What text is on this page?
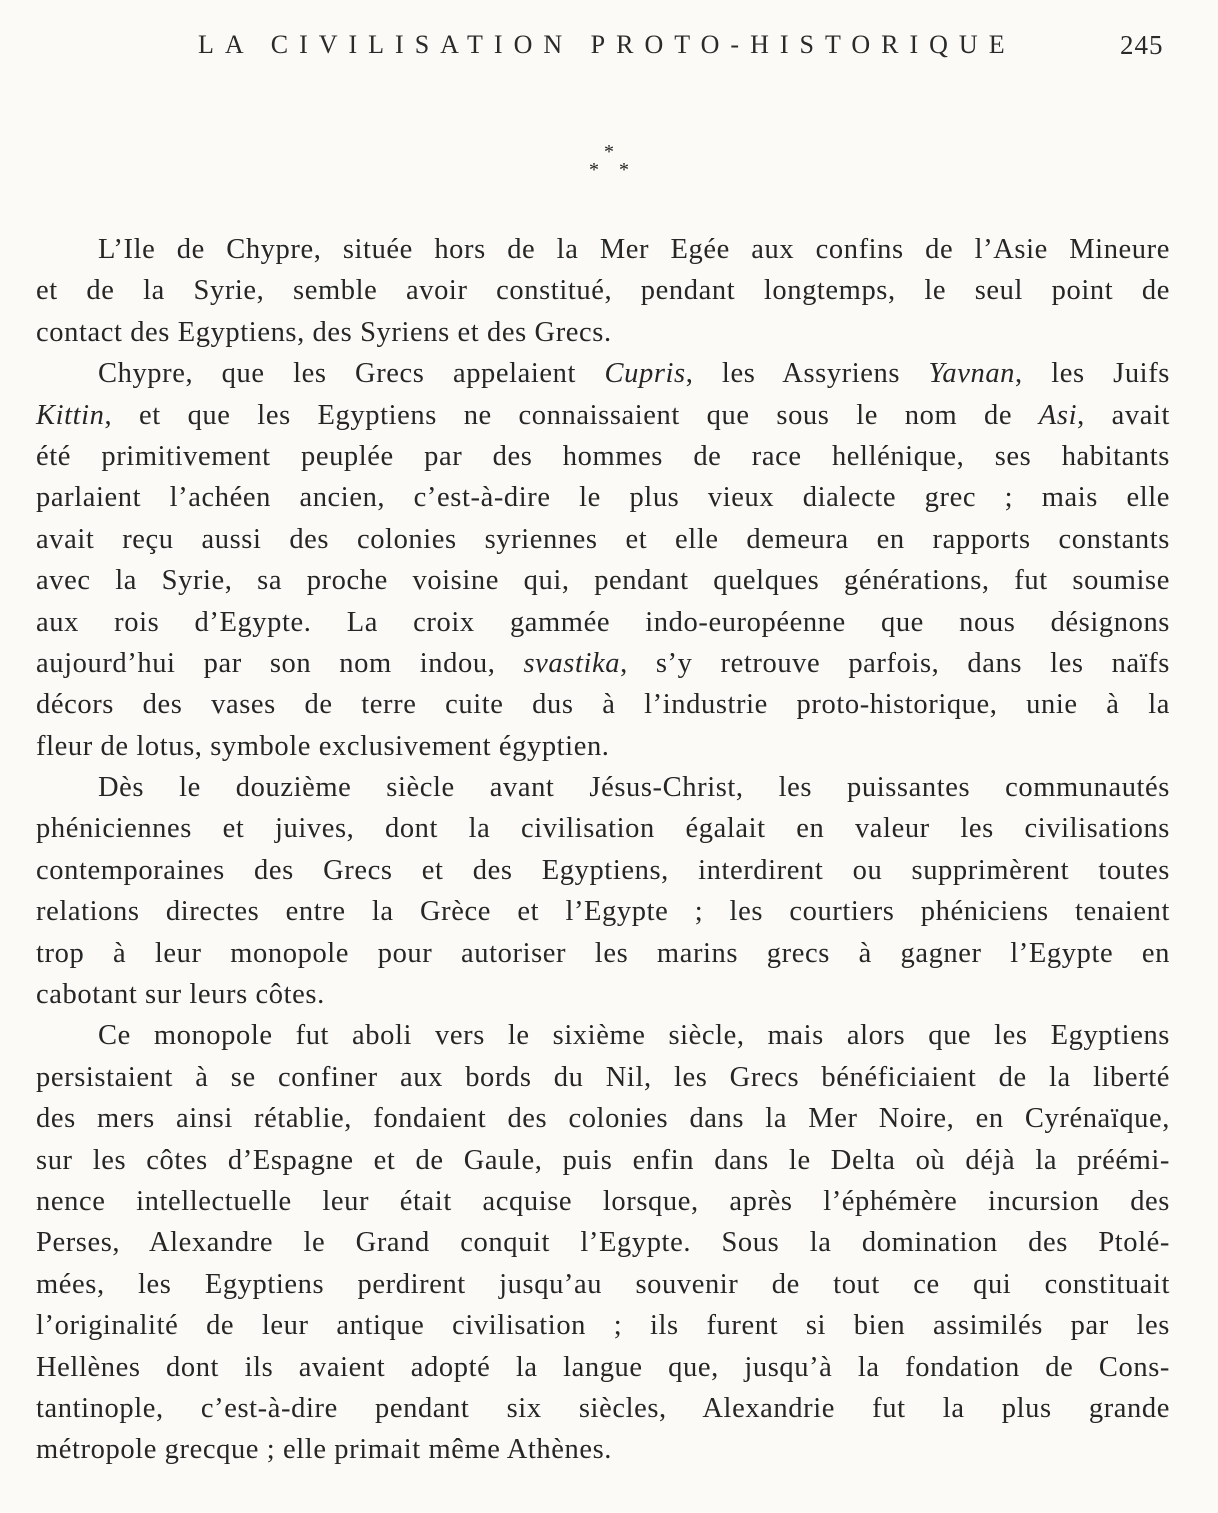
LA CIVILISATION PROTO-HISTORIQUE	245
*
* *
L’Ile de Chypre, située hors de la Mer Egée aux confins de l’Asie Mineure
et de la Syrie, semble avoir constitué, pendant longtemps, le seul point de
contact des Egyptiens, des Syriens et des Grecs.
Chypre, que les Grecs appelaient Cupris, les Assyriens Yavnan, les Juifs
Kittin, et que les Egyptiens ne connaissaient que sous le nom de Asi, avait
été primitivement peuplée par des hommes de race hellénique, ses habitants
parlaient l’achéen ancien, c’est-à-dire le plus vieux dialecte grec ; mais elle
avait reçu aussi des colonies syriennes et elle demeura en rapports constants
avec la Syrie, sa proche voisine qui, pendant quelques générations, fut soumise
aux rois d’Egypte. La croix gammée indo-européenne que nous désignons
aujourd’hui par son nom indou, svastika, s’y retrouve parfois, dans les naïfs
décors des vases de terre cuite dus à l’industrie proto-historique, unie à la
fleur de lotus, symbole exclusivement égyptien.
Dès le douzième siècle avant Jésus-Christ, les puissantes communautés
phéniciennes et juives, dont la civilisation égalait en valeur les civilisations
contemporaines des Grecs et des Egyptiens, interdirent ou supprimèrent toutes
relations directes entre la Grèce et l’Egypte ; les courtiers phéniciens tenaient
trop à leur monopole pour autoriser les marins grecs à gagner l’Egypte en
cabotant sur leurs côtes.
Ce monopole fut aboli vers le sixième siècle, mais alors que les Egyptiens
persistaient à se confiner aux bords du Nil, les Grecs bénéficiaient de la liberté
des mers ainsi rétablie, fondaient des colonies dans la Mer Noire, en Cyrénaïque,
sur les côtes d’Espagne et de Gaule, puis enfin dans le Delta où déjà la préémi-
nence intellectuelle leur était acquise lorsque, après l’éphémère incursion des
Perses, Alexandre le Grand conquit l’Egypte. Sous la domination des Ptolé-
mées, les Egyptiens perdirent jusqu’au souvenir de tout ce qui constituait
l’originalité de leur antique civilisation ; ils furent si bien assimilés par les
Hellènes dont ils avaient adopté la langue que, jusqu’à la fondation de Cons-
tantinople, c’est-à-dire pendant six siècles, Alexandrie fut la plus grande
métropole grecque ; elle primait même Athènes.
